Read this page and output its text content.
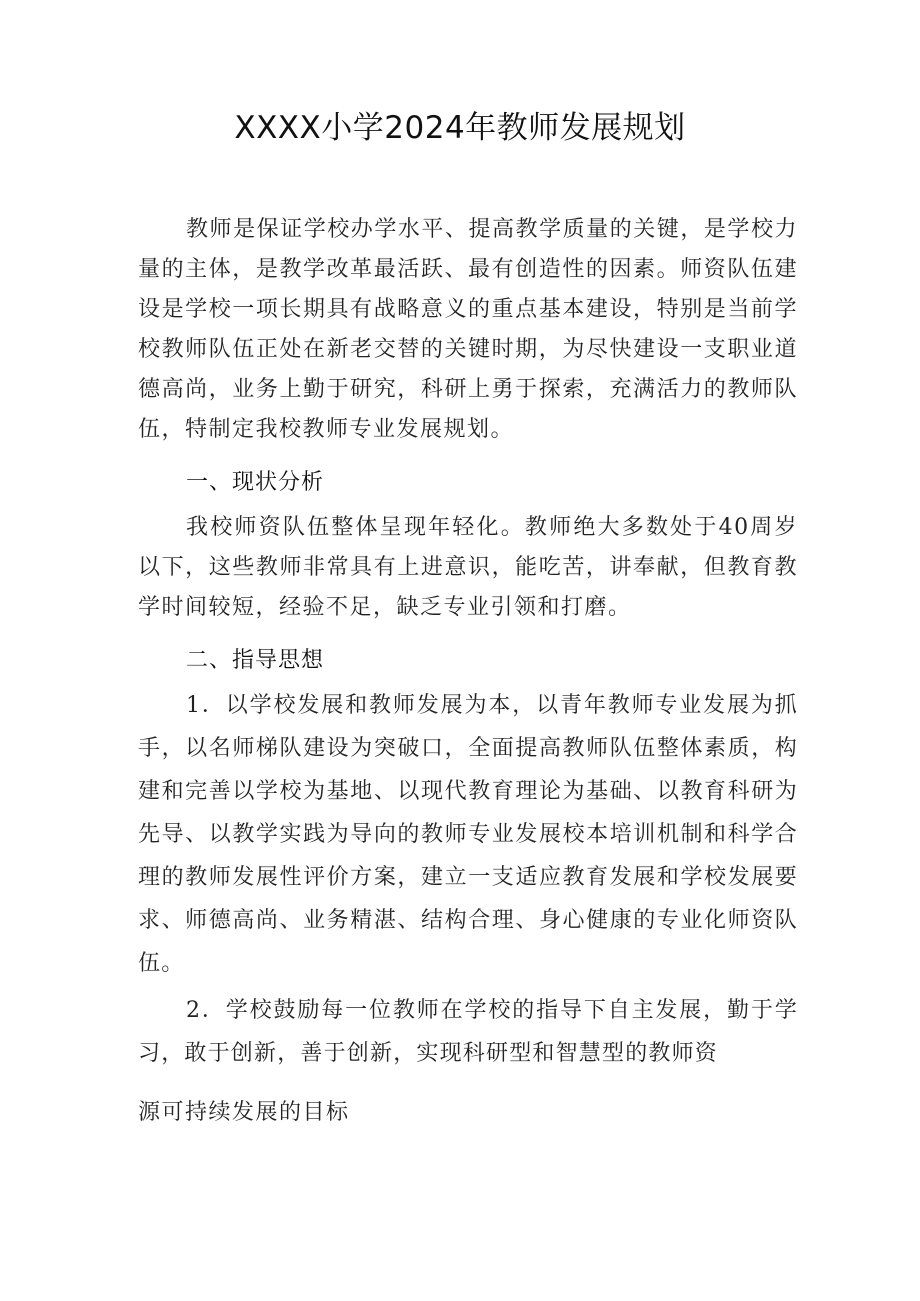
XXXX小学2024年教师发展规划

教师是保证学校办学水平、提高教学质量的关键，是学校力量的主体，是教学改革最活跃、最有创造性的因素。师资队伍建设是学校一项长期具有战略意义的重点基本建设，特别是当前学校教师队伍正处在新老交替的关键时期，为尽快建设一支职业道德高尚，业务上勤于研究，科研上勇于探索，充满活力的教师队伍，特制定我校教师专业发展规划。

一、现状分析

我校师资队伍整体呈现年轻化。教师绝大多数处于40周岁以下，这些教师非常具有上进意识，能吃苦，讲奉献，但教育教学时间较短，经验不足，缺乏专业引领和打磨。

二、指导思想

1．以学校发展和教师发展为本，以青年教师专业发展为抓手，以名师梯队建设为突破口，全面提高教师队伍整体素质，构建和完善以学校为基地、以现代教育理论为基础、以教育科研为先导、以教学实践为导向的教师专业发展校本培训机制和科学合理的教师发展性评价方案，建立一支适应教育发展和学校发展要求、师德高尚、业务精湛、结构合理、身心健康的专业化师资队伍。

2．学校鼓励每一位教师在学校的指导下自主发展，勤于学习，敢于创新，善于创新，实现科研型和智慧型的教师资

源可持续发展的目标
